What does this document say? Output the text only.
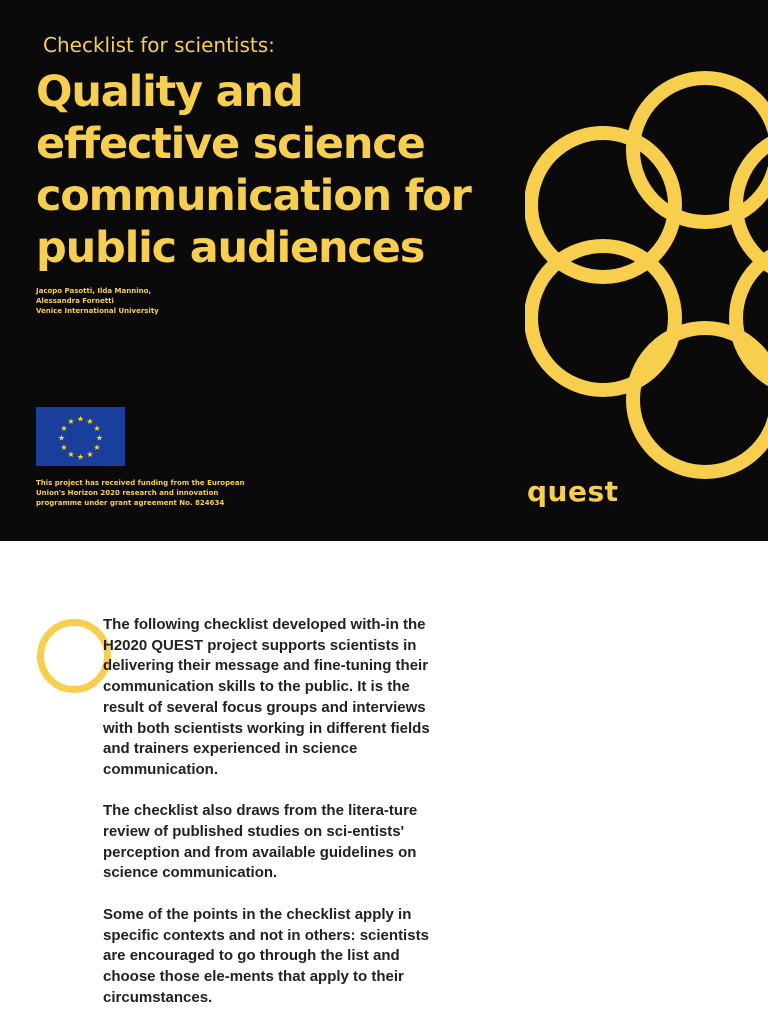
Checklist for scientists:
Quality and effective science communication for public audiences
Jacopo Pasotti, Ilda Mannino,
Alessandra Fornetti
Venice International University
★ ★
★
★
★
★
★
★
★
★
★
★
This project has received funding from the European Union's Horizon 2020 research and innovation programme under grant agreement No. 824634	quest

The following checklist developed with-in the H2020 QUEST project supports scientists in delivering their message and fine-tuning their communication skills to the public. It is the result of several focus groups and interviews with both scientists working in different fields and trainers experienced in science communication.

The checklist also draws from the litera-ture review of published studies on sci-entists' perception and from available guidelines on science communication.

Some of the points in the checklist apply in specific contexts and not in others: scientists are encouraged to go through the list and choose those ele-ments that apply to their circumstances.
